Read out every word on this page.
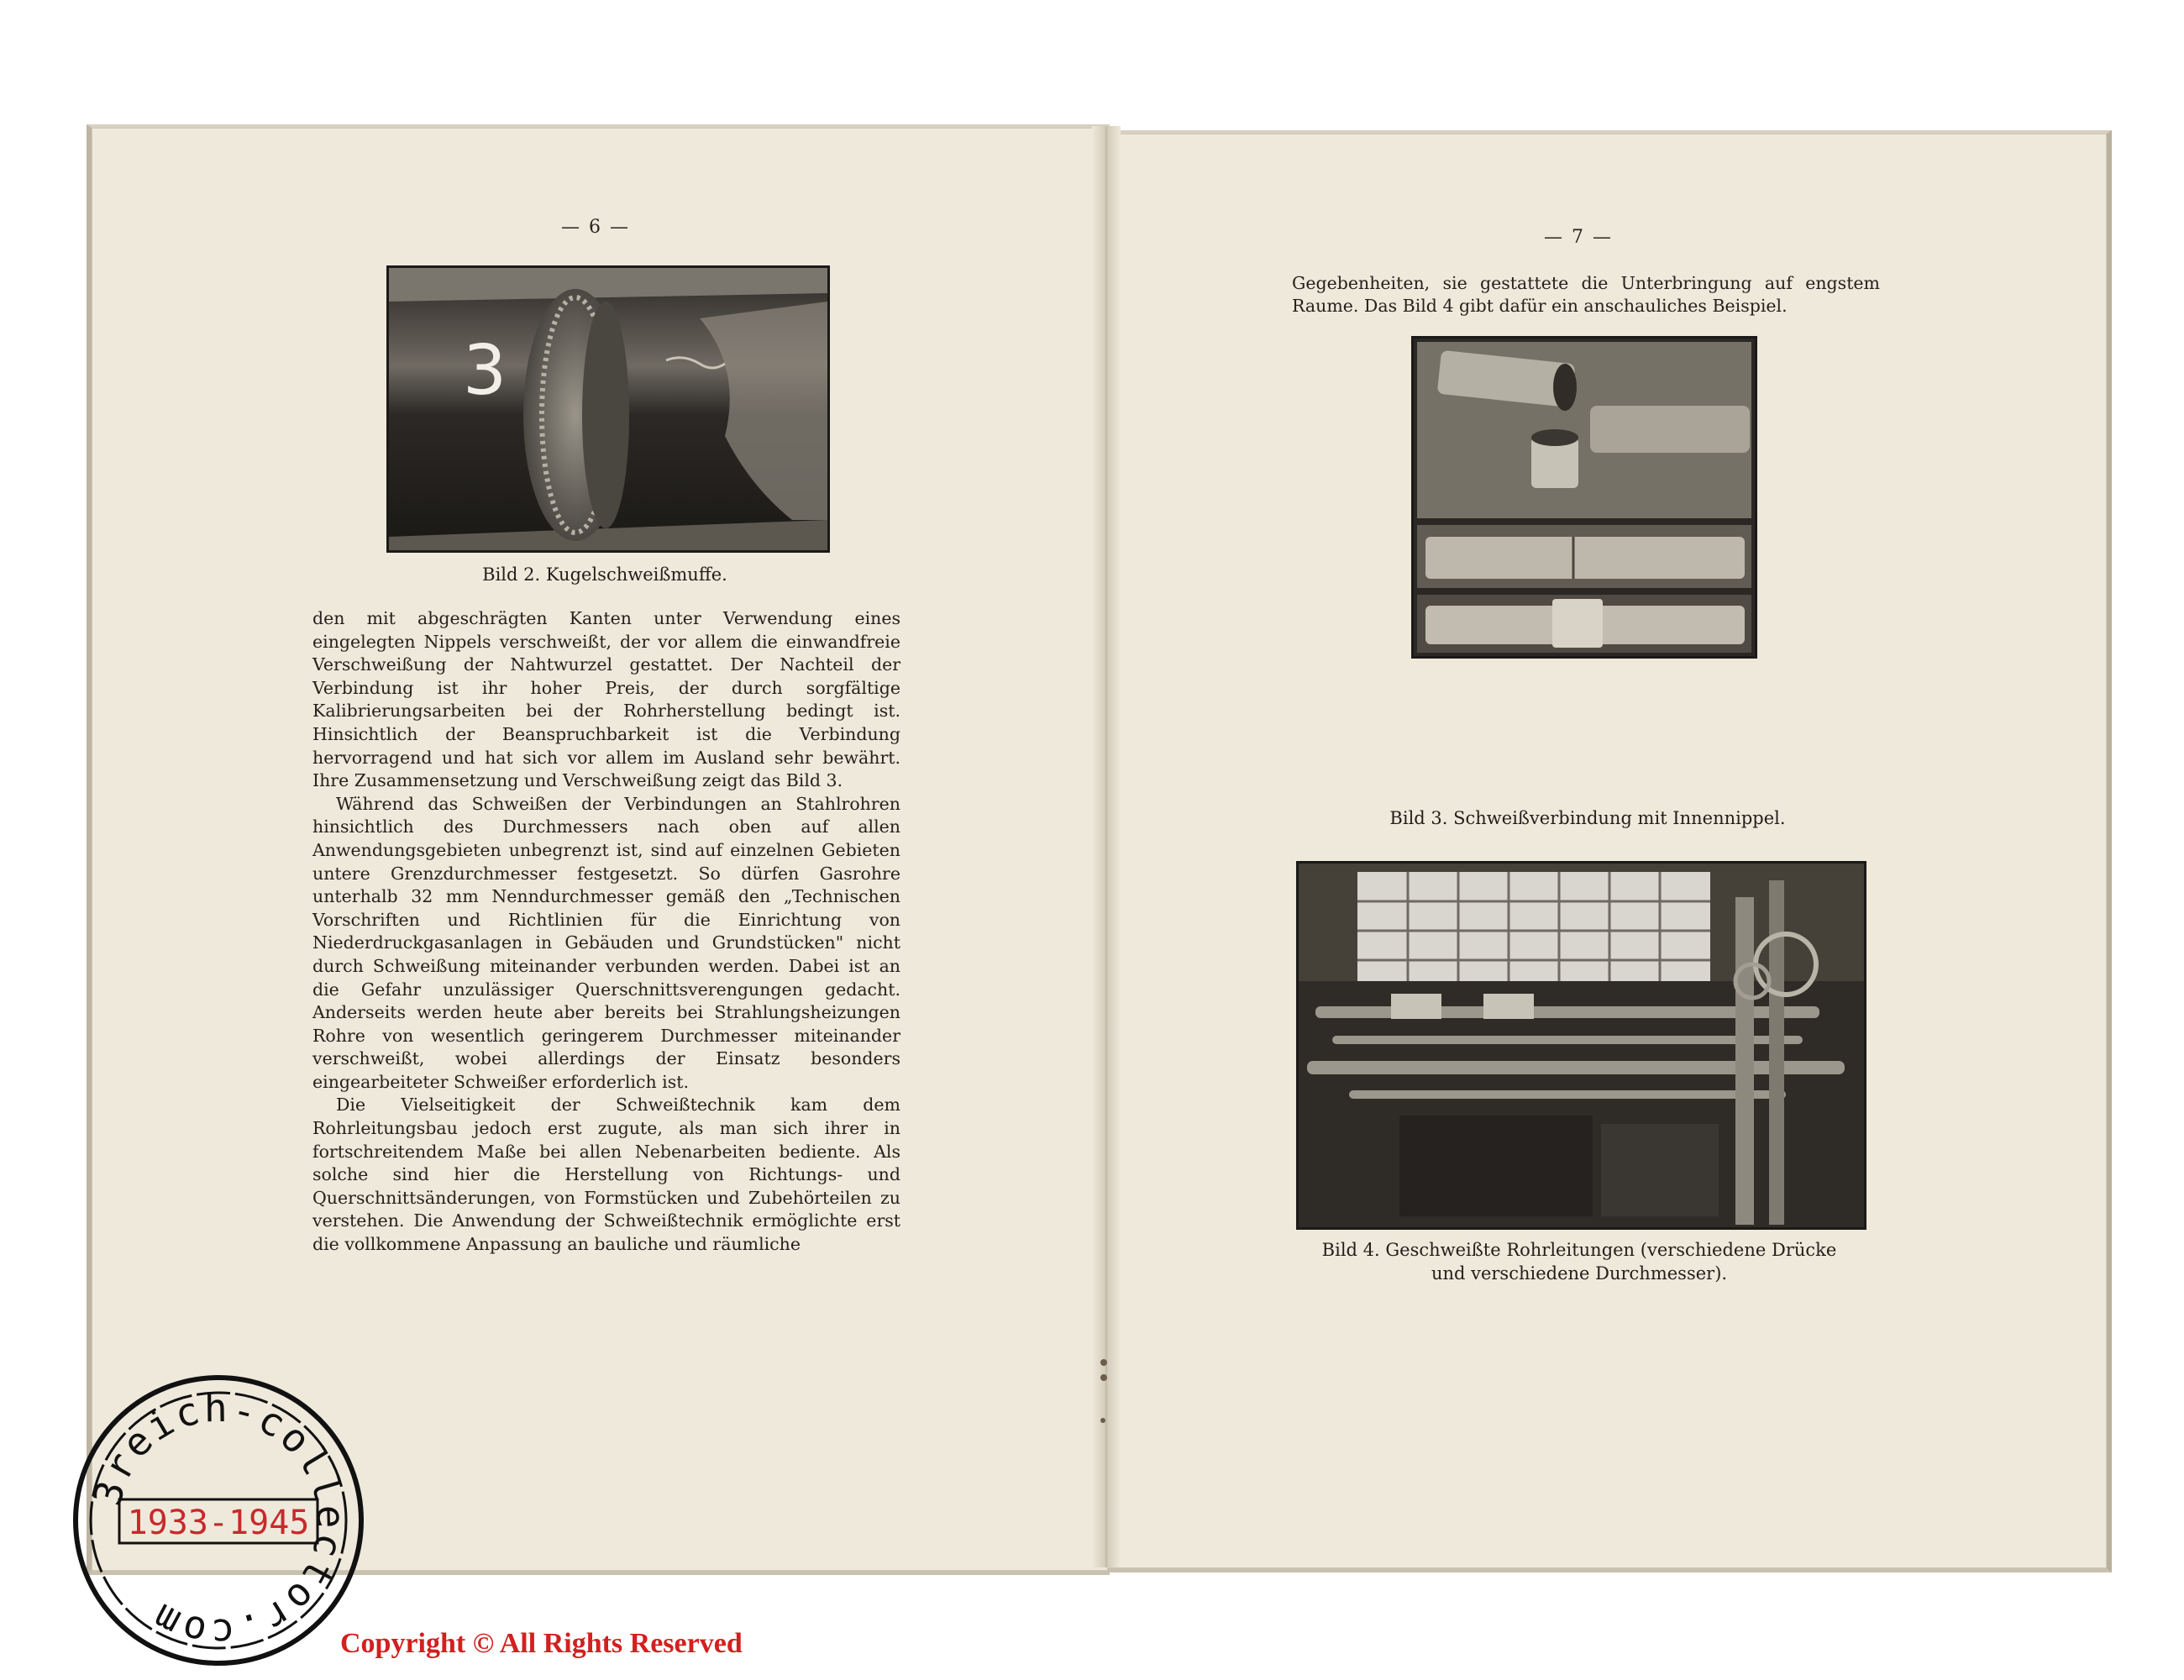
— 6 —
3
Bild 2. Kugelschweißmuffe.

den mit abgeschrägten Kanten unter Verwendung eines eingelegten Nippels verschweißt, der vor allem die einwandfreie Verschweißung der Nahtwurzel gestattet. Der Nachteil der Verbindung ist ihr hoher Preis, der durch sorgfältige Kalibrierungsarbeiten bei der Rohrherstellung bedingt ist. Hinsichtlich der Beanspruchbarkeit ist die Verbindung hervorragend und hat sich vor allem im Ausland sehr bewährt. Ihre Zusammensetzung und Verschweißung zeigt das Bild 3.

Während das Schweißen der Verbindungen an Stahlrohren hinsichtlich des Durchmessers nach oben auf allen Anwendungsgebieten unbegrenzt ist, sind auf einzelnen Gebieten untere Grenzdurchmesser festgesetzt. So dürfen Gasrohre unterhalb 32 mm Nenndurchmesser gemäß den „Technischen Vorschriften und Richtlinien für die Einrichtung von Niederdruckgasanlagen in Gebäuden und Grundstücken" nicht durch Schweißung miteinander verbunden werden. Dabei ist an die Gefahr unzulässiger Querschnittsverengungen gedacht. Anderseits werden heute aber bereits bei Strahlungsheizungen Rohre von wesentlich geringerem Durchmesser miteinander verschweißt, wobei allerdings der Einsatz besonders eingearbeiteter Schweißer erforderlich ist.

Die Vielseitigkeit der Schweißtechnik kam dem Rohrleitungsbau jedoch erst zugute, als man sich ihrer in fortschreitendem Maße bei allen Nebenarbeiten bediente. Als solche sind hier die Herstellung von Richtungs- und Querschnittsänderungen, von Formstücken und Zubehörteilen zu verstehen. Die Anwendung der Schweißtechnik ermöglichte erst die vollkommene Anpassung an bauliche und räumliche

— 7 —
Gegebenheiten, sie gestattete die Unterbringung auf engstem Raume. Das Bild 4 gibt dafür ein anschauliches Beispiel.
Bild 3. Schweißverbindung mit Innennippel.
Bild 4. Geschweißte Rohrleitungen (verschiedene Drücke
und verschiedene Durchmesser).
3reich-collector.com
1933-1945
Copyright © All Rights Reserved
